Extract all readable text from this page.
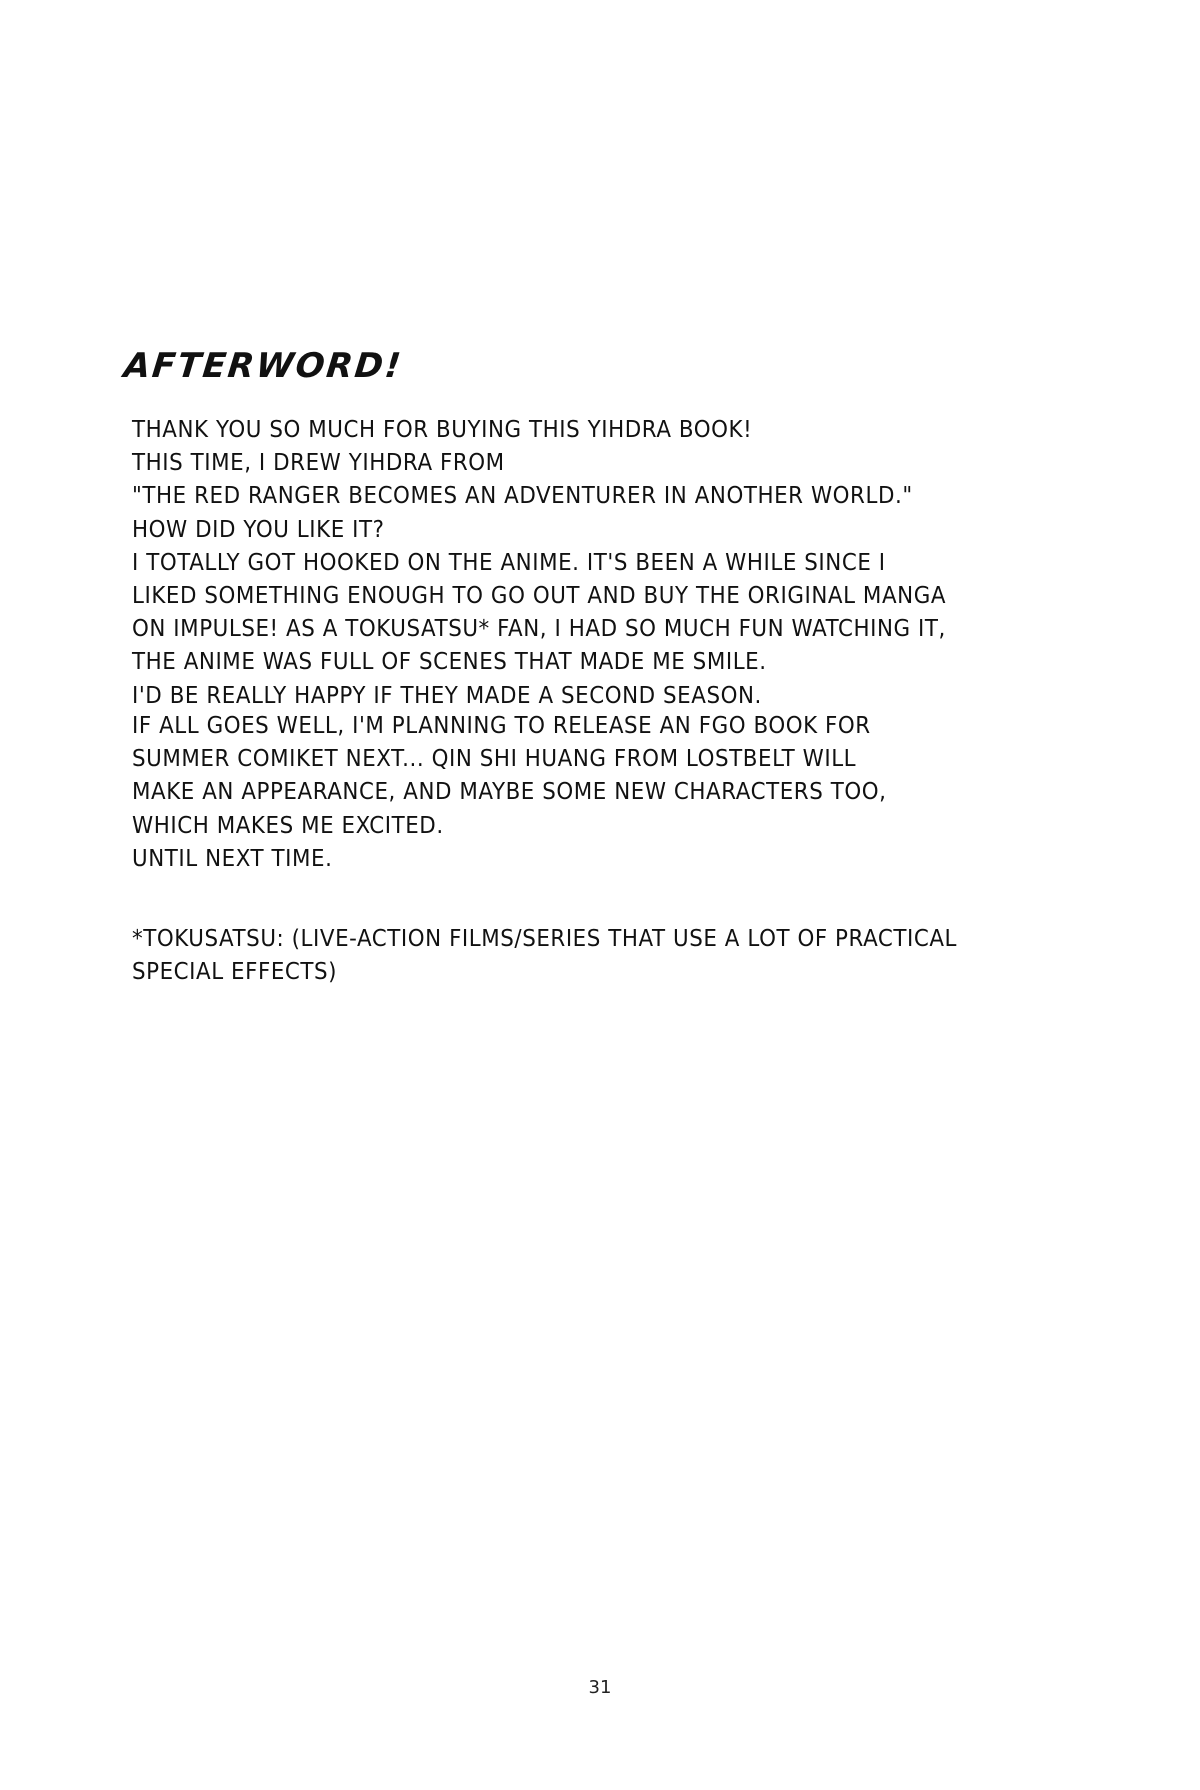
AFTERWORD!
THANK YOU SO MUCH FOR BUYING THIS YIHDRA BOOK!
THIS TIME, I DREW YIHDRA FROM
"THE RED RANGER BECOMES AN ADVENTURER IN ANOTHER WORLD."
HOW DID YOU LIKE IT?
I TOTALLY GOT HOOKED ON THE ANIME. IT'S BEEN A WHILE SINCE I
LIKED SOMETHING ENOUGH TO GO OUT AND BUY THE ORIGINAL MANGA
ON IMPULSE! AS A TOKUSATSU* FAN, I HAD SO MUCH FUN WATCHING IT,
THE ANIME WAS FULL OF SCENES THAT MADE ME SMILE.
I'D BE REALLY HAPPY IF THEY MADE A SECOND SEASON.
IF ALL GOES WELL, I'M PLANNING TO RELEASE AN FGO BOOK FOR
SUMMER COMIKET NEXT... QIN SHI HUANG FROM LOSTBELT WILL
MAKE AN APPEARANCE, AND MAYBE SOME NEW CHARACTERS TOO,
WHICH MAKES ME EXCITED.
UNTIL NEXT TIME.
*TOKUSATSU: (LIVE-ACTION FILMS/SERIES THAT USE A LOT OF PRACTICAL
SPECIAL EFFECTS)
31
